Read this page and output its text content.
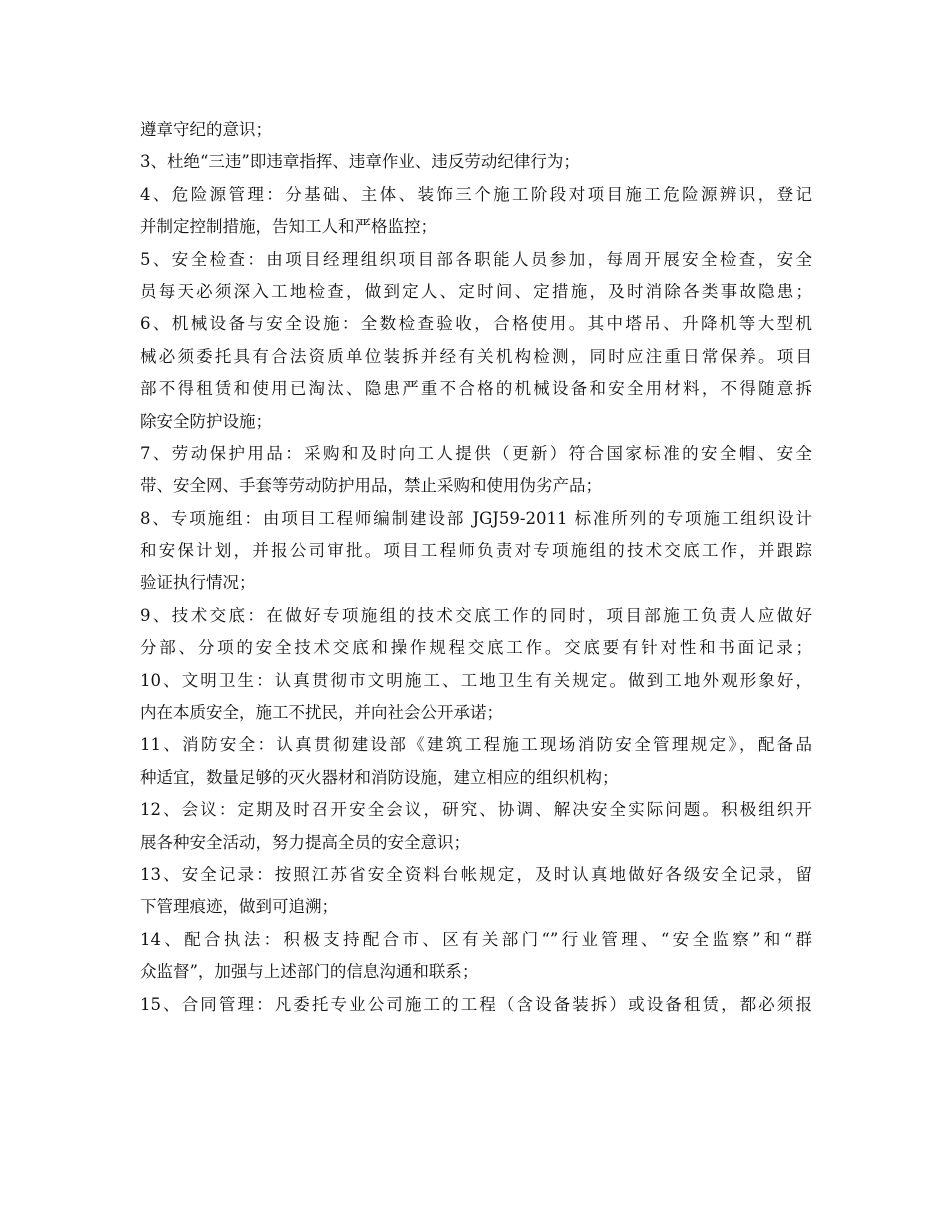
遵章守纪的意识；
3、杜绝“三违”即违章指挥、违章作业、违反劳动纪律行为；
4、危险源管理：分基础、主体、装饰三个施工阶段对项目施工危险源辨识，登记
并制定控制措施，告知工人和严格监控；
5、安全检查：由项目经理组织项目部各职能人员参加，每周开展安全检查，安全
员每天必须深入工地检查，做到定人、定时间、定措施，及时消除各类事故隐患；
6、机械设备与安全设施：全数检查验收，合格使用。其中塔吊、升降机等大型机
械必须委托具有合法资质单位装拆并经有关机构检测，同时应注重日常保养。项目
部不得租赁和使用已淘汰、隐患严重不合格的机械设备和安全用材料，不得随意拆
除安全防护设施；
7、劳动保护用品：采购和及时向工人提供（更新）符合国家标准的安全帽、安全
带、安全网、手套等劳动防护用品，禁止采购和使用伪劣产品；
8、专项施组：由项目工程师编制建设部 JGJ59-2011 标准所列的专项施工组织设计
和安保计划，并报公司审批。项目工程师负责对专项施组的技术交底工作，并跟踪
验证执行情况；
9、技术交底：在做好专项施组的技术交底工作的同时，项目部施工负责人应做好
分部、分项的安全技术交底和操作规程交底工作。交底要有针对性和书面记录；
10、文明卫生：认真贯彻市文明施工、工地卫生有关规定。做到工地外观形象好，
内在本质安全，施工不扰民，并向社会公开承诺；
11、消防安全：认真贯彻建设部《建筑工程施工现场消防安全管理规定》，配备品
种适宜，数量足够的灭火器材和消防设施，建立相应的组织机构；
12、会议：定期及时召开安全会议，研究、协调、解决安全实际问题。积极组织开
展各种安全活动，努力提高全员的安全意识；
13、安全记录：按照江苏省安全资料台帐规定，及时认真地做好各级安全记录，留
下管理痕迹，做到可追溯；
14、配合执法：积极支持配合市、区有关部门“”行业管理、“安全监察”和“群
众监督”，加强与上述部门的信息沟通和联系；
15、合同管理：凡委托专业公司施工的工程（含设备装拆）或设备租赁，都必须报
